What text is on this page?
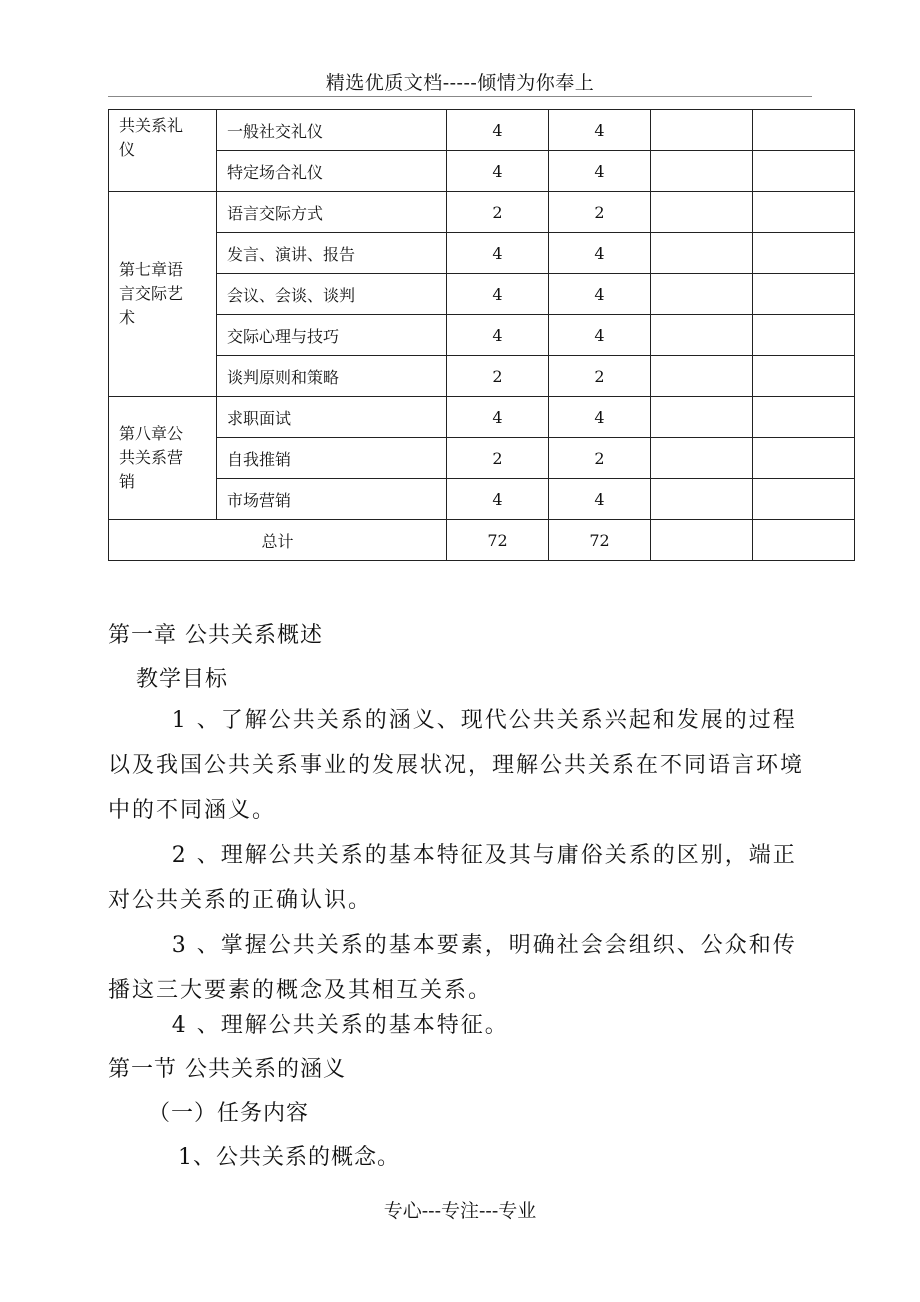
精选优质文档-----倾情为你奉上
共关系礼
仪	一般社交礼仪	4	4		
	特定场合礼仪	4	4		
第七章语
言交际艺
术	语言交际方式	2	2		
	发言、演讲、报告	4	4		
	会议、会谈、谈判	4	4		
	交际心理与技巧	4	4		
	谈判原则和策略	2	2		
第八章公
共关系营
销	求职面试	4	4		
	自我推销	2	2		
	市场营销	4	4		
总计		72	72		
第一章 公共关系概述
教学目标
1 、了解公共关系的涵义、现代公共关系兴起和发展的过程以及我国公共关系事业的发展状况，理解公共关系在不同语言环境中的不同涵义。
2 、理解公共关系的基本特征及其与庸俗关系的区别，端正对公共关系的正确认识。
3 、掌握公共关系的基本要素，明确社会会组织、公众和传播这三大要素的概念及其相互关系。
4 、理解公共关系的基本特征。
第一节 公共关系的涵义
（一）任务内容
1、公共关系的概念。
专心---专注---专业
